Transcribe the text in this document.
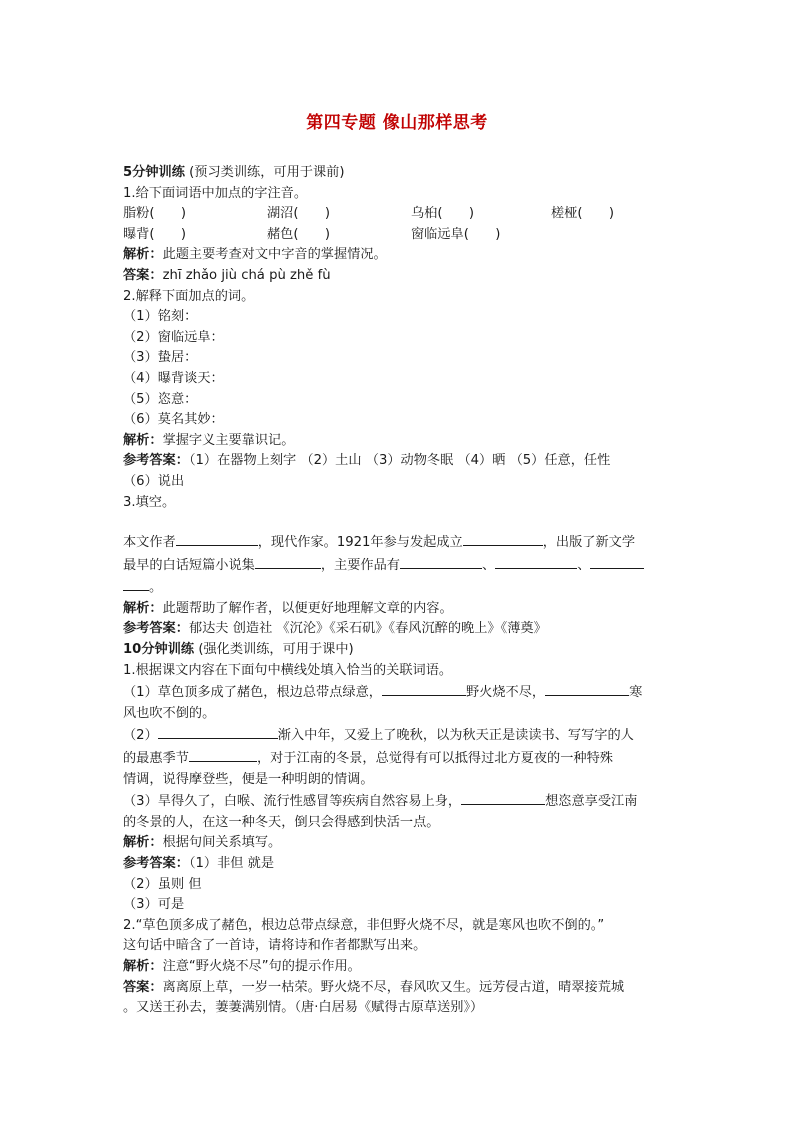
第四专题 像山那样思考
5分钟训练 (预习类训练，可用于课前)
1.给下面词语中加点的字注音。
脂粉(　　)	湖沼(　　)	乌桕(　　)	槎桠(　　)
曝背(　　)	赭色(　　)	窗临远阜(　　)
解析：此题主要考查对文中字音的掌握情况。
答案：zhī zhǎo jiù chá pù zhě fù
2.解释下面加点的词。
（1）铭刻：
（2）窗临远阜：
（3）蛰居：
（4）曝背谈天：
（5）恣意：
（6）莫名其妙：
解析：掌握字义主要靠识记。
参考答案：（1）在器物上刻字 （2）土山 （3）动物冬眠 （4）晒 （5）任意，任性
（6）说出
3.填空。
本文作者	，现代作家。1921年参与发起成立	，出版了新文学
最早的白话短篇小说集	，主要作品有	、	、
。
解析：此题帮助了解作者，以便更好地理解文章的内容。
参考答案：郁达夫 创造社 《沉沦》《采石矶》《春风沉醉的晚上》《薄奠》
10分钟训练 (强化类训练，可用于课中)
1.根据课文内容在下面句中横线处填入恰当的关联词语。
（1）草色顶多成了赭色，根边总带点绿意，	野火烧不尽，	寒
风也吹不倒的。
（2）	渐入中年，又爱上了晚秋，以为秋天正是读读书、写写字的人
的最惠季节	，对于江南的冬景，总觉得有可以抵得过北方夏夜的一种特殊
情调，说得摩登些，便是一种明朗的情调。
（3）旱得久了，白喉、流行性感冒等疾病自然容易上身，	想恣意享受江南
的冬景的人，在这一种冬天，倒只会得感到快活一点。
解析：根据句间关系填写。
参考答案：（1）非但 就是
（2）虽则 但
（3）可是
2.“草色顶多成了赭色，根边总带点绿意，非但野火烧不尽，就是寒风也吹不倒的。”
这句话中暗含了一首诗，请将诗和作者都默写出来。
解析：注意“野火烧不尽”句的提示作用。
答案：离离原上草，一岁一枯荣。野火烧不尽，春风吹又生。远芳侵古道，晴翠接荒城
。又送王孙去，萋萋满别情。（唐·白居易《赋得古原草送别》）
